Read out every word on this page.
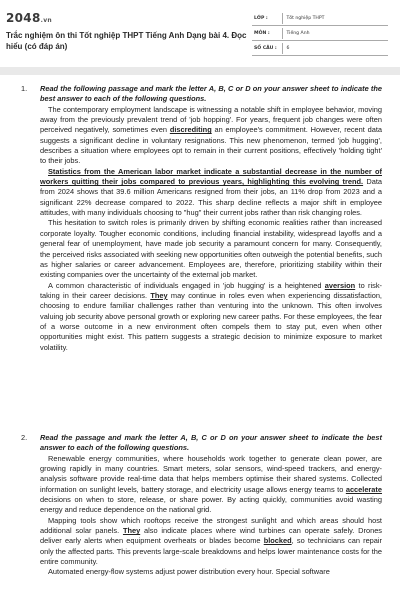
2048.vn
Trắc nghiệm ôn thi Tốt nghiệp THPT Tiếng Anh Dạng bài 4. Đọc hiểu (có đáp án)
LỚP :	Tốt nghiệp THPT
MÔN :	Tiếng Anh
SỐ CÂU :	6
1. Read the following passage and mark the letter A, B, C or D on your answer sheet to indicate the best answer to each of the following questions.
The contemporary employment landscape is witnessing a notable shift in employee behavior, moving away from the previously prevalent trend of 'job hopping'. For years, frequent job changes were often perceived negatively, sometimes even discrediting an employee's commitment. However, recent data suggests a significant decline in voluntary resignations. This new phenomenon, termed 'job hugging', describes a situation where employees opt to remain in their current positions, effectively 'holding tight' to their jobs.
Statistics from the American labor market indicate a substantial decrease in the number of workers quitting their jobs compared to previous years, highlighting this evolving trend. Data from 2024 shows that 39.6 million Americans resigned from their jobs, an 11% drop from 2023 and a significant 22% decrease compared to 2022. This sharp decline reflects a major shift in employee attitudes, with many individuals choosing to "hug" their current jobs rather than risk changing roles.
This hesitation to switch roles is primarily driven by shifting economic realities rather than increased corporate loyalty. Tougher economic conditions, including financial instability, widespread layoffs and a general fear of unemployment, have made job security a paramount concern for many. Consequently, the perceived risks associated with seeking new opportunities often outweigh the potential benefits, such as higher salaries or career advancement. Employees are, therefore, prioritizing stability within their existing companies over the uncertainty of the external job market.
A common characteristic of individuals engaged in 'job hugging' is a heightened aversion to risk-taking in their career decisions. They may continue in roles even when experiencing dissatisfaction, choosing to endure familiar challenges rather than venturing into the unknown. This often involves valuing job security above personal growth or exploring new career paths. For these employees, the fear of a worse outcome in a new environment often compels them to stay put, even when other opportunities might exist. This pattern suggests a strategic decision to minimize exposure to market volatility.
2. Read the passage and mark the letter A, B, C or D on your answer sheet to indicate the best answer to each of the following questions.
Renewable energy communities, where households work together to generate clean power, are growing rapidly in many countries. Smart meters, solar sensors, wind-speed trackers, and energy-analysis software provide real-time data that helps members optimise their shared systems. Collected information on sunlight levels, battery storage, and electricity usage allows energy teams to accelerate decisions on when to store, release, or share power. By acting quickly, communities avoid wasting energy and reduce dependence on the national grid.
Mapping tools show which rooftops receive the strongest sunlight and which areas should host additional solar panels. They also indicate places where wind turbines can operate safely. Drones deliver early alerts when equipment overheats or blades become blocked, so technicians can repair only the affected parts. This prevents large-scale breakdowns and helps lower maintenance costs for the entire community.
Automated energy-flow systems adjust power distribution every hour. Special software
